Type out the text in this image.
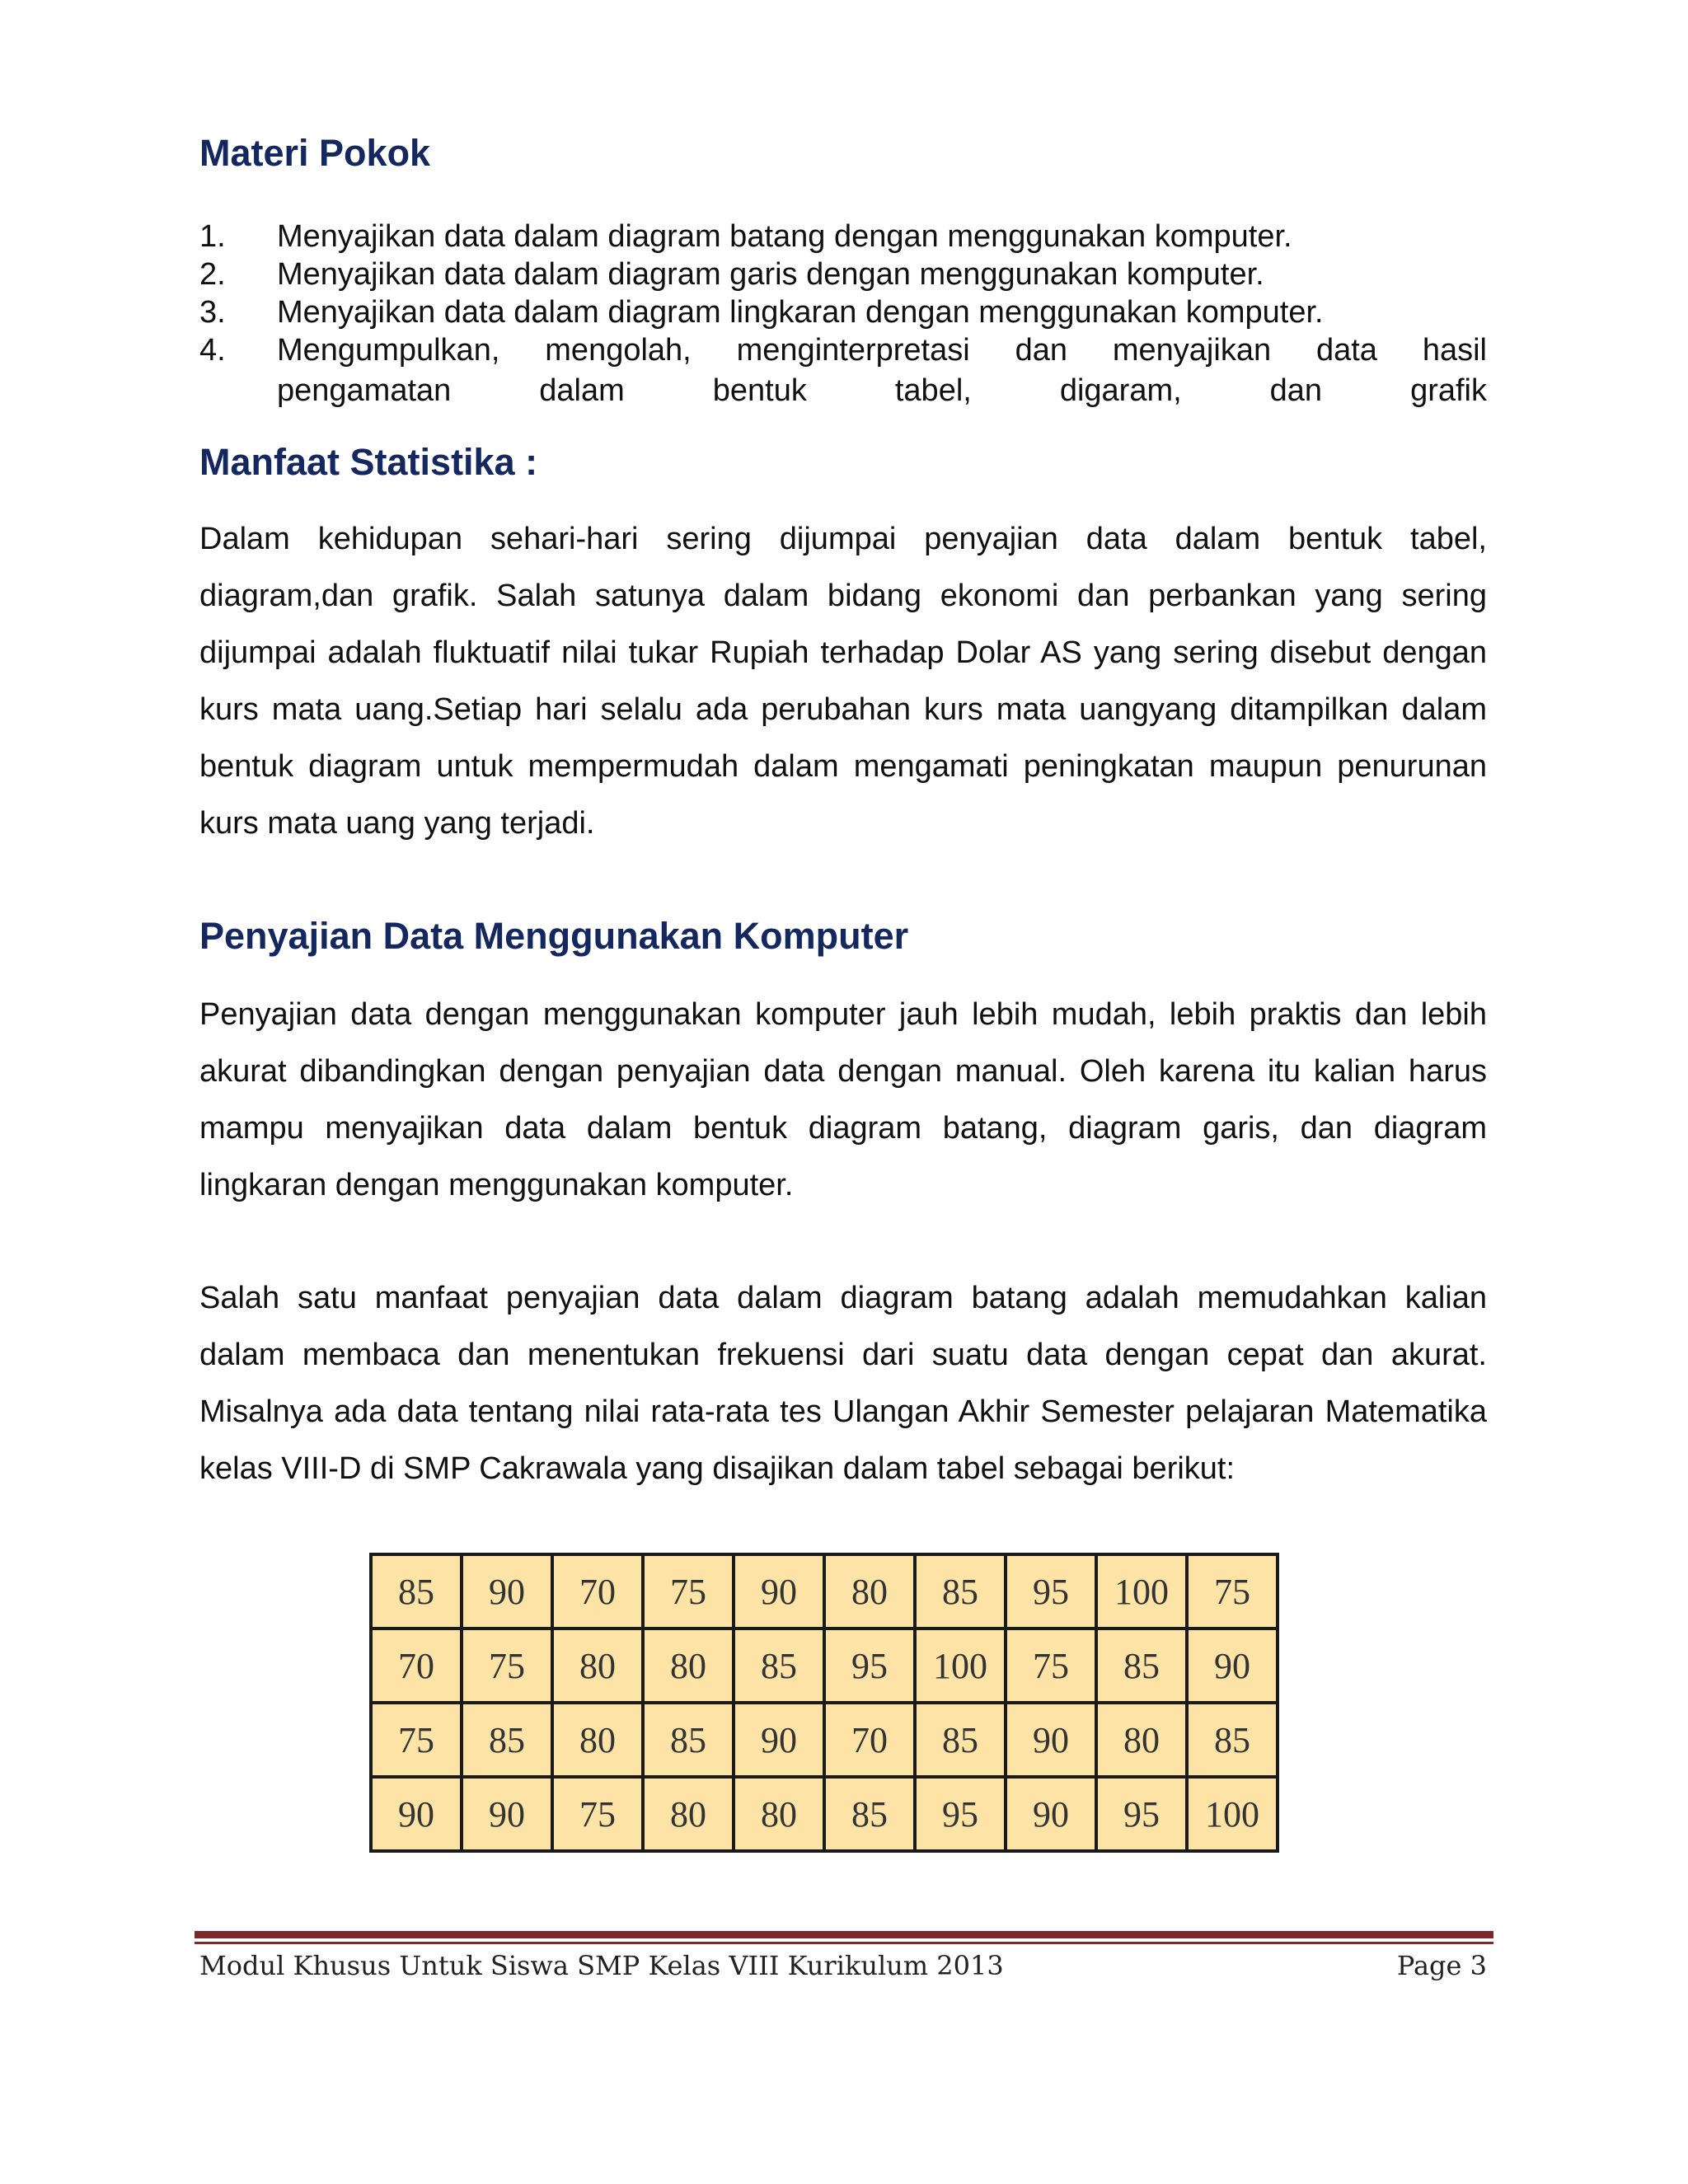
Materi Pokok
1.	Menyajikan data dalam diagram batang dengan menggunakan komputer.
2.	Menyajikan data dalam diagram garis dengan menggunakan komputer.
3.	Menyajikan data dalam diagram lingkaran dengan menggunakan komputer.
4.	Mengumpulkan, mengolah, menginterpretasi dan menyajikan data hasil
pengamatan dalam bentuk tabel, digaram, dan grafik
Manfaat Statistika :

Dalam kehidupan sehari-hari sering dijumpai penyajian data dalam bentuk tabel, diagram,dan grafik. Salah satunya dalam bidang ekonomi dan perbankan yang sering dijumpai adalah fluktuatif nilai tukar Rupiah terhadap Dolar AS yang sering disebut dengan kurs mata uang.Setiap hari selalu ada perubahan kurs mata uangyang ditampilkan dalam bentuk diagram untuk mempermudah dalam mengamati peningkatan maupun penurunan kurs mata uang yang terjadi.

Penyajian Data Menggunakan Komputer

Penyajian data dengan menggunakan komputer jauh lebih mudah, lebih praktis dan lebih akurat dibandingkan dengan penyajian data dengan manual. Oleh karena itu kalian harus mampu menyajikan data dalam bentuk diagram batang, diagram garis, dan diagram lingkaran dengan menggunakan komputer.

Salah satu manfaat penyajian data dalam diagram batang adalah memudahkan kalian dalam membaca dan menentukan frekuensi dari suatu data dengan cepat dan akurat. Misalnya ada data tentang nilai rata-rata tes Ulangan Akhir Semester pelajaran Matematika kelas VIII-D di SMP Cakrawala yang disajikan dalam tabel sebagai berikut:

85	90	70	75	90	80	85	95	100	75
70	75	80	80	85	95	100	75	85	90
75	85	80	85	90	70	85	90	80	85
90	90	75	80	80	85	95	90	95	100
Modul Khusus Untuk Siswa SMP Kelas VIII Kurikulum 2013	Page 3
